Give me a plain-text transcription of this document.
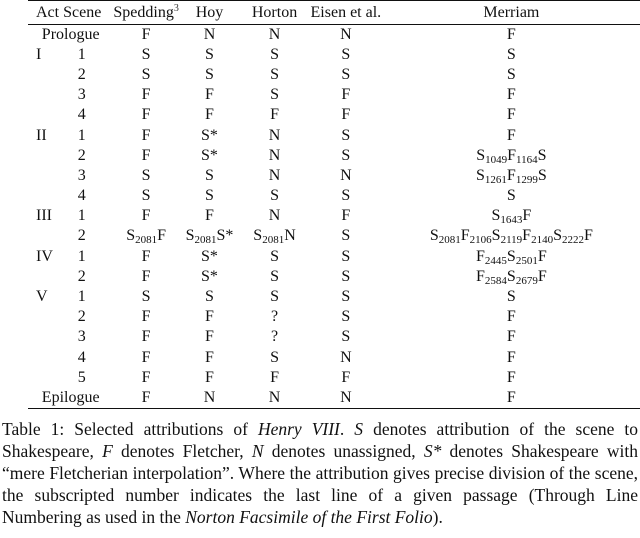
Act Scene		Spedding$^3$	Hoy	Horton	Eisen et al.	Merriam
Prologue		F	N	N	N	F
I	1	S	S	S	S	S
	2	S	S	S	S	S
	3	F	F	S	F	F
	4	F	F	F	F	F
II	1	F	S*	N	S	F
	2	F	S*	N	S	$S_{1049}F_{1164}S$
	3	S	S	N	N	$S_{1261}F_{1299}S$
	4	S	S	S	S	S
III	1	F	F	N	F	$S_{1643}F$
	2	$S_{2081}F$	$S_{2081}S*$	$S_{2081}N$	S	$S_{2081}F_{2106}S_{2119}F_{2140}S_{2222}F$
IV	1	F	S*	S	S	$F_{2445}S_{2501}F$
	2	F	S*	S	S	$F_{2584}S_{2679}F$
V	1	S	S	S	S	S
	2	F	F	?	S	F
	3	F	F	?	S	F
	4	F	F	S	N	F
	5	F	F	F	F	F
Epilogue		F	N	N	N	F
Table 1: Selected attributions of Henry VIII. S denotes attribution of the scene to Shakespeare, F denotes Fletcher, N denotes unassigned, S* denotes Shakespeare with “mere Fletcherian interpolation”. Where the attribution gives precise division of the scene, the subscripted number indicates the last line of a given passage (Through Line Numbering as used in the Norton Facsimile of the First Folio).
